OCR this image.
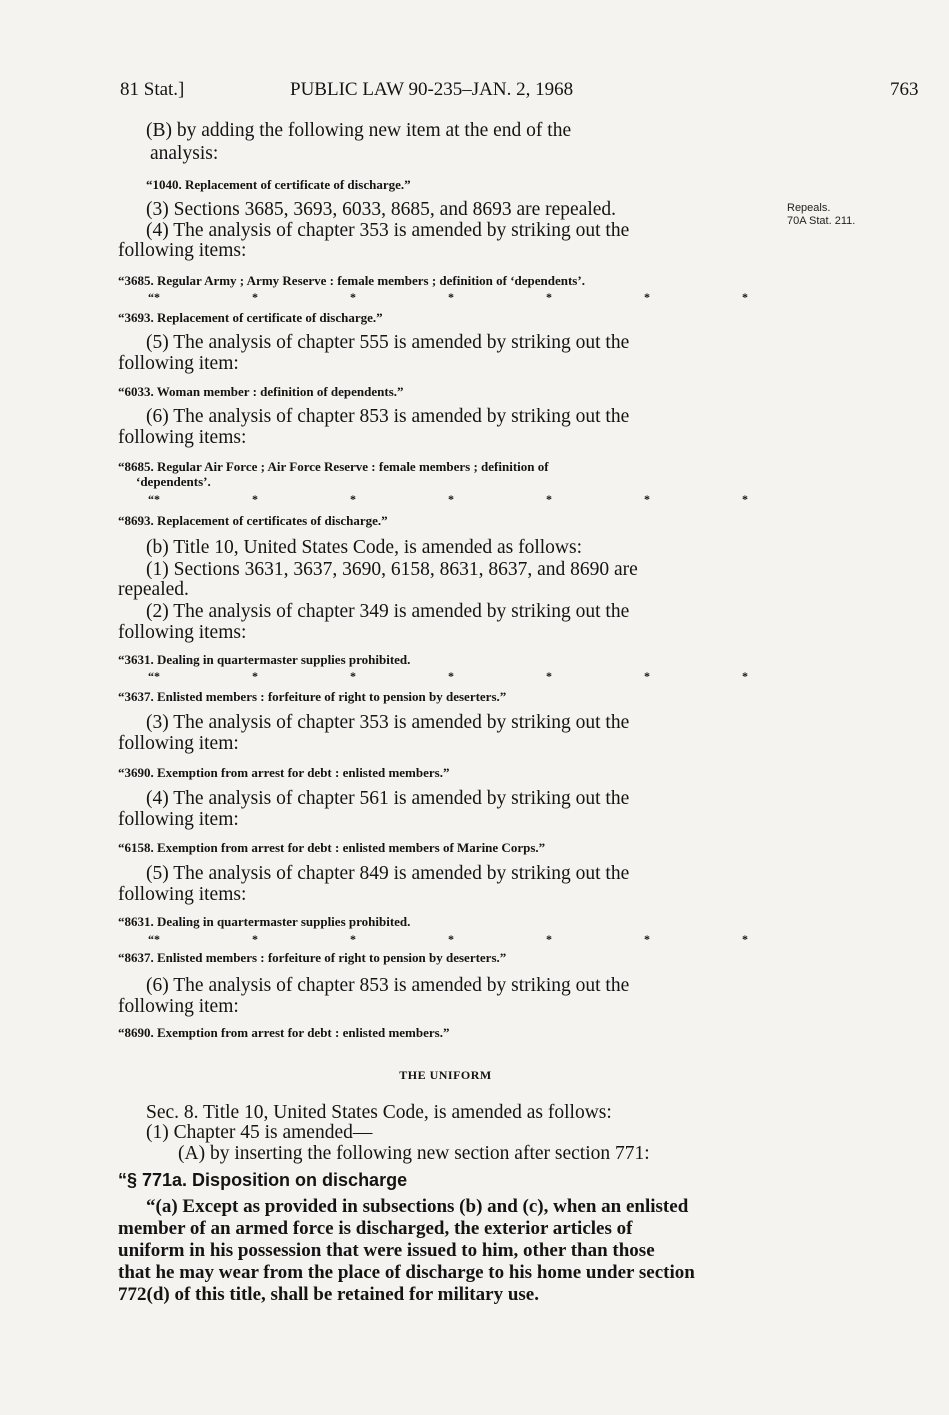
81 Stat.]	PUBLIC LAW 90-235–JAN. 2, 1968	763
Repeals.
70A Stat. 211.
(B) by adding the following new item at the end of the
analysis:
“1040. Replacement of certificate of discharge.”
(3) Sections 3685, 3693, 6033, 8685, and 8693 are repealed.
(4) The analysis of chapter 353 is amended by striking out the
following items:
“3685. Regular Army ; Army Reserve : female members ; definition of ‘dependents’.
“*	*	*	*	*	*	*
“3693. Replacement of certificate of discharge.”
(5) The analysis of chapter 555 is amended by striking out the
following item:
“6033. Woman member : definition of dependents.”
(6) The analysis of chapter 853 is amended by striking out the
following items:
“8685. Regular Air Force ; Air Force Reserve : female members ; definition of
‘dependents’.
“*	*	*	*	*	*	*
“8693. Replacement of certificates of discharge.”
(b) Title 10, United States Code, is amended as follows:
(1) Sections 3631, 3637, 3690, 6158, 8631, 8637, and 8690 are
repealed.
(2) The analysis of chapter 349 is amended by striking out the
following items:
“3631. Dealing in quartermaster supplies prohibited.
“*	*	*	*	*	*	*
“3637. Enlisted members : forfeiture of right to pension by deserters.”
(3) The analysis of chapter 353 is amended by striking out the
following item:
“3690. Exemption from arrest for debt : enlisted members.”
(4) The analysis of chapter 561 is amended by striking out the
following item:
“6158. Exemption from arrest for debt : enlisted members of Marine Corps.”
(5) The analysis of chapter 849 is amended by striking out the
following items:
“8631. Dealing in quartermaster supplies prohibited.
“*	*	*	*	*	*	*
“8637. Enlisted members : forfeiture of right to pension by deserters.”
(6) The analysis of chapter 853 is amended by striking out the
following item:
“8690. Exemption from arrest for debt : enlisted members.”
THE UNIFORM
Sec. 8. Title 10, United States Code, is amended as follows:
(1) Chapter 45 is amended—
(A) by inserting the following new section after section 771:
“§ 771a. Disposition on discharge
“(a) Except as provided in subsections (b) and (c), when an enlisted
member of an armed force is discharged, the exterior articles of
uniform in his possession that were issued to him, other than those
that he may wear from the place of discharge to his home under section
772(d) of this title, shall be retained for military use.
